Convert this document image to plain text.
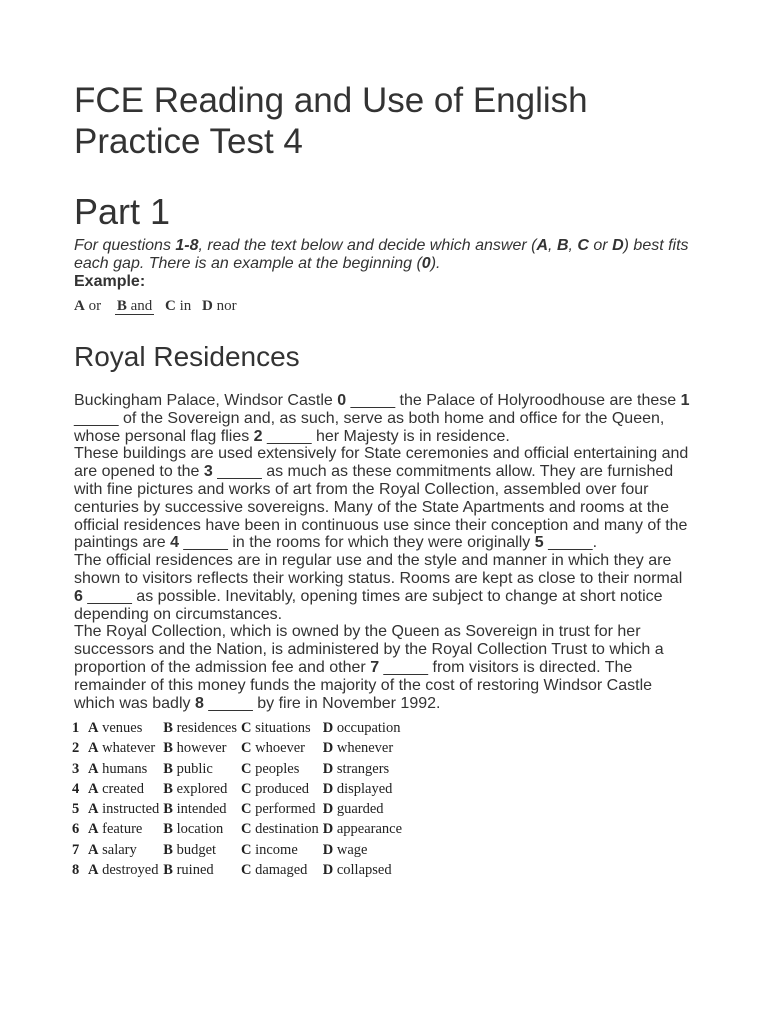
FCE Reading and Use of English Practice Test 4
Part 1
For questions 1-8, read the text below and decide which answer (A, B, C or D) best fits each gap. There is an example at the beginning (0).
Example:
A or B and C in D nor
Royal Residences

Buckingham Palace, Windsor Castle 0 _____ the Palace of Holyroodhouse are these 1 _____ of the Sovereign and, as such, serve as both home and office for the Queen, whose personal flag flies 2 _____ her Majesty is in residence.

These buildings are used extensively for State ceremonies and official entertaining and are opened to the 3 _____ as much as these commitments allow. They are furnished with fine pictures and works of art from the Royal Collection, assembled over four centuries by successive sovereigns. Many of the State Apartments and rooms at the official residences have been in continuous use since their conception and many of the paintings are 4 _____ in the rooms for which they were originally 5 _____.

The official residences are in regular use and the style and manner in which they are shown to visitors reflects their working status. Rooms are kept as close to their normal 6 _____ as possible. Inevitably, opening times are subject to change at short notice depending on circumstances.

The Royal Collection, which is owned by the Queen as Sovereign in trust for her successors and the Nation, is administered by the Royal Collection Trust to which a proportion of the admission fee and other 7 _____ from visitors is directed. The remainder of this money funds the majority of the cost of restoring Windsor Castle which was badly 8 _____ by fire in November 1992.

1	A venues	B residences	C situations	D occupation
2	A whatever	B however	C whoever	D whenever
3	A humans	B public	C peoples	D strangers
4	A created	B explored	C produced	D displayed
5	A instructed	B intended	C performed	D guarded
6	A feature	B location	C destination	D appearance
7	A salary	B budget	C income	D wage
8	A destroyed	B ruined	C damaged	D collapsed
